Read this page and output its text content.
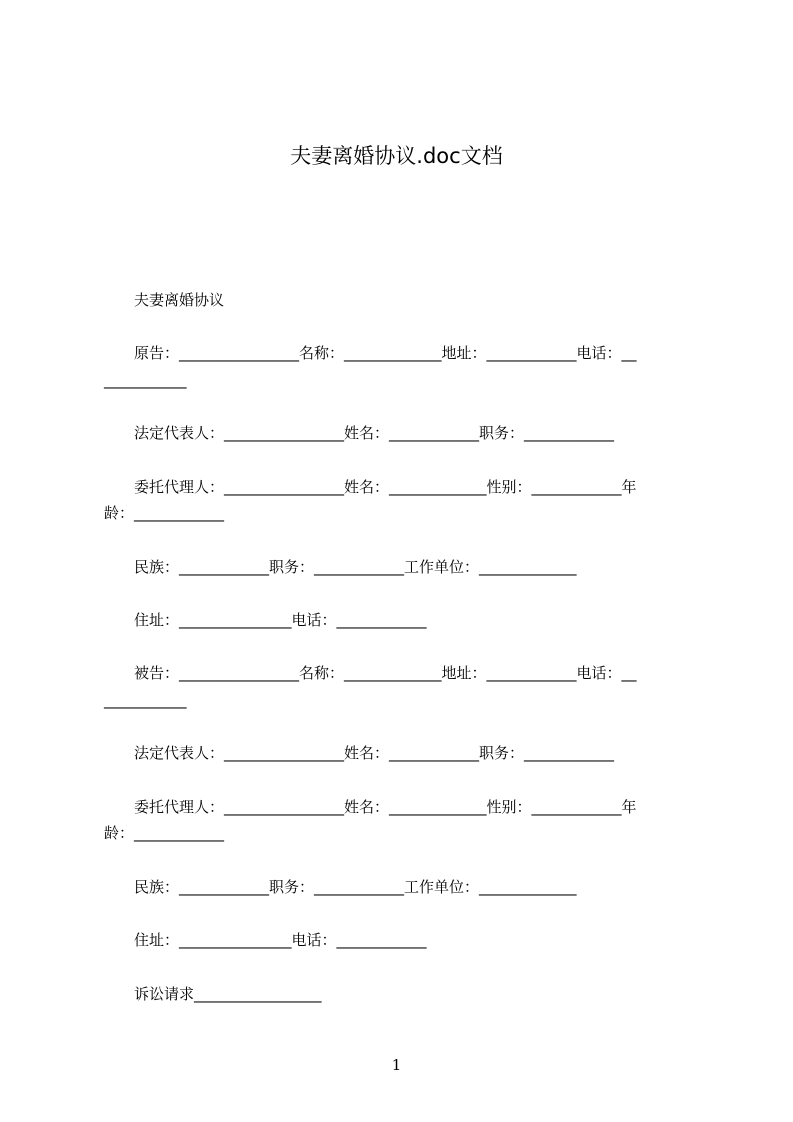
夫妻离婚协议.doc文档
　　夫妻离婚协议
　　原告：________________名称：_____________地址：____________电话：__
___________
　　法定代表人：________________姓名：____________职务：____________
　　委托代理人：________________姓名：_____________性别：____________年
龄：____________
　　民族：____________职务：____________工作单位：_____________
　　住址：_______________电话：____________
　　被告：________________名称：_____________地址：____________电话：__
___________
　　法定代表人：________________姓名：____________职务：____________
　　委托代理人：________________姓名：_____________性别：____________年
龄：____________
　　民族：____________职务：____________工作单位：_____________
　　住址：_______________电话：____________
　　诉讼请求_________________
1
